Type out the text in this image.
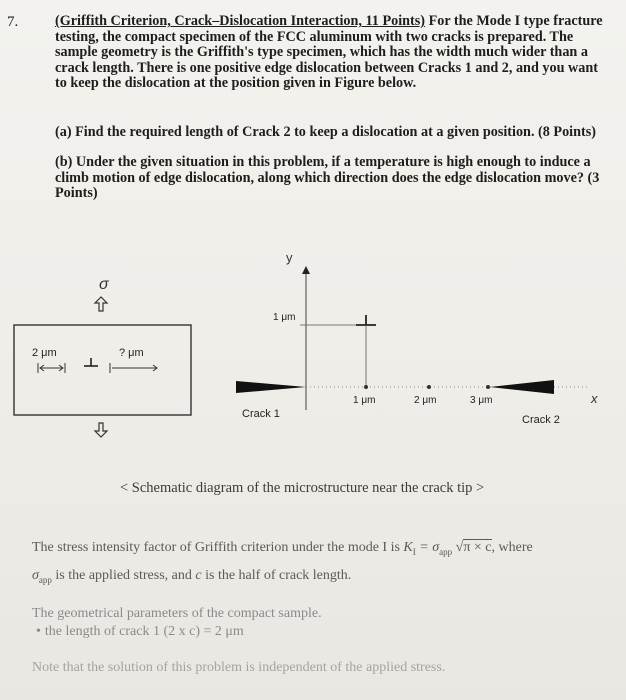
7.	(Griffith Criterion, Crack–Dislocation Interaction, 11 Points) For the Mode I type fracture testing, the compact specimen of the FCC aluminum with two cracks is prepared. The sample geometry is the Griffith's type specimen, which has the width much wider than a crack length. There is one positive edge dislocation between Cracks 1 and 2, and you want to keep the dislocation at the position given in Figure below.
(a) Find the required length of Crack 2 to keep a dislocation at a given position. (8 Points)
(b) Under the given situation in this problem, if a temperature is high enough to induce a climb motion of edge dislocation, along which direction does the edge dislocation move? (3 Points)
σ
2 μm	? μm
y
x
1 μm
Crack 1	Crack 2
1 μm	2 μm	3 μm
< Schematic diagram of the microstructure near the crack tip >
The stress intensity factor of Griffith criterion under the mode I is $K_I = \sigma_{app}$ √π × c, where
$\sigma_{app}$ is the applied stress, and c is the half of crack length.
The geometrical parameters of the compact sample.
• the length of crack 1 (2 x c) = 2 μm
Note that the solution of this problem is independent of the applied stress.
